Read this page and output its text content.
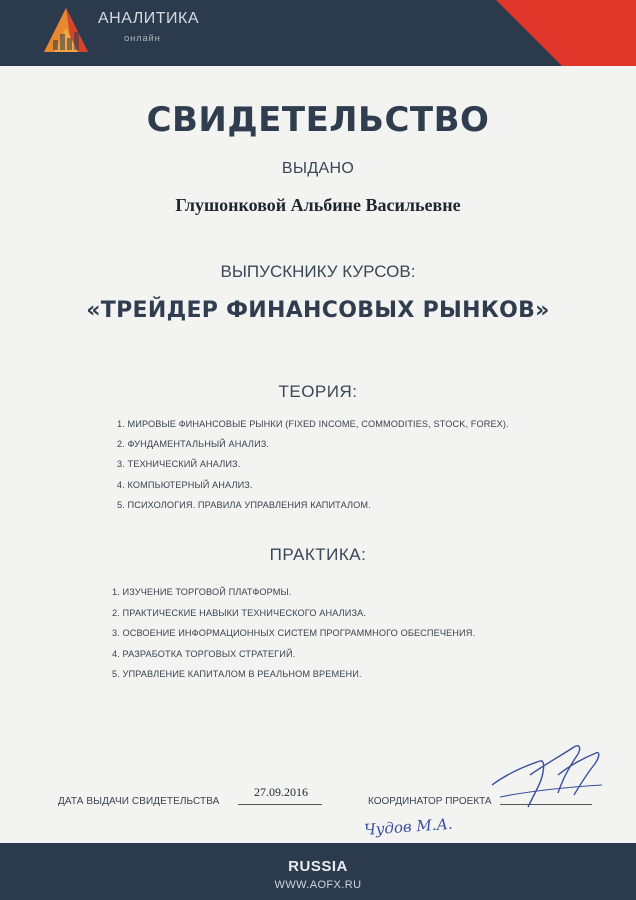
АНАЛИТИКА
онлайн
СВИДЕТЕЛЬСТВО
ВЫДАНО
Глушонковой Альбине Васильевне
ВЫПУСКНИКУ КУРСОВ:
«ТРЕЙДЕР ФИНАНСОВЫХ РЫНКОВ»
ТЕОРИЯ:
1. МИРОВЫЕ ФИНАНСОВЫЕ РЫНКИ (FIXED INCOME, COMMODITIES, STOCK, FOREX).
2. ФУНДАМЕНТАЛЬНЫЙ АНАЛИЗ.
3. ТЕХНИЧЕСКИЙ АНАЛИЗ.
4. КОМПЬЮТЕРНЫЙ АНАЛИЗ.
5. ПСИХОЛОГИЯ. ПРАВИЛА УПРАВЛЕНИЯ КАПИТАЛОМ.
ПРАКТИКА:
1. ИЗУЧЕНИЕ ТОРГОВОЙ ПЛАТФОРМЫ.
2. ПРАКТИЧЕСКИЕ НАВЫКИ ТЕХНИЧЕСКОГО АНАЛИЗА.
3. ОСВОЕНИЕ ИНФОРМАЦИОННЫХ СИСТЕМ ПРОГРАММНОГО ОБЕСПЕЧЕНИЯ.
4. РАЗРАБОТКА ТОРГОВЫХ СТРАТЕГИЙ.
5. УПРАВЛЕНИЕ КАПИТАЛОМ В РЕАЛЬНОМ ВРЕМЕНИ.
ДАТА ВЫДАЧИ СВИДЕТЕЛЬСТВА
27.09.2016
КООРДИНАТОР ПРОЕКТА
Чудов М.А.
RUSSIA
WWW.AOFX.RU
